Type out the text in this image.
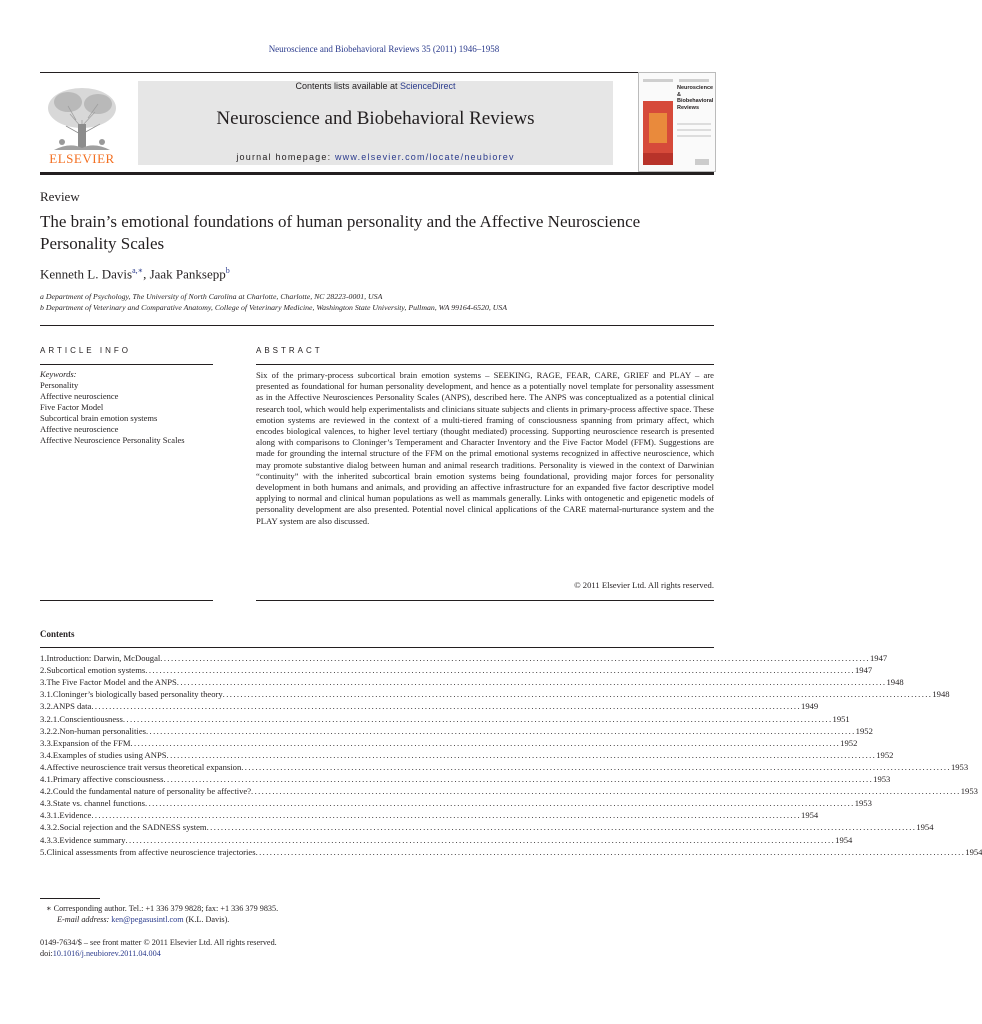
Neuroscience and Biobehavioral Reviews 35 (2011) 1946–1958
ELSEVIER
Contents lists available at ScienceDirect
Neuroscience and Biobehavioral Reviews
journal homepage: www.elsevier.com/locate/neubiorev
Neuroscience & Biobehavioral Reviews
Review
The brain’s emotional foundations of human personality and the Affective Neuroscience Personality Scales
Kenneth L. Davis$^{a,∗}$, Jaak Panksepp$^b$
a Department of Psychology, The University of North Carolina at Charlotte, Charlotte, NC 28223-0001, USA
b Department of Veterinary and Comparative Anatomy, College of Veterinary Medicine, Washington State University, Pullman, WA 99164-6520, USA
ARTICLE INFO
Keywords:
Personality
Affective neuroscience
Five Factor Model
Subcortical brain emotion systems
Affective neuroscience
Affective Neuroscience Personality Scales
ABSTRACT
Six of the primary-process subcortical brain emotion systems – SEEKING, RAGE, FEAR, CARE, GRIEF and PLAY – are presented as foundational for human personality development, and hence as a potentially novel template for personality assessment as in the Affective Neurosciences Personality Scales (ANPS), described here. The ANPS was conceptualized as a potential clinical research tool, which would help experimentalists and clinicians situate subjects and clients in primary-process affective space. These emotion systems are reviewed in the context of a multi-tiered framing of consciousness spanning from primary affect, which encodes biological valences, to higher level tertiary (thought mediated) processing. Supporting neuroscience research is presented along with comparisons to Cloninger’s Temperament and Character Inventory and the Five Factor Model (FFM). Suggestions are made for grounding the internal structure of the FFM on the primal emotional systems recognized in affective neuroscience, which may promote substantive dialog between human and animal research traditions. Personality is viewed in the context of Darwinian “continuity” with the inherited subcortical brain emotion systems being foundational, providing major forces for personality development in both humans and animals, and providing an affective infrastructure for an expanded five factor descriptive model applying to normal and clinical human populations as well as mammals generally. Links with ontogenetic and epigenetic models of personality development are also presented. Potential novel clinical applications of the CARE maternal-nurturance system and the PLAY system are also discussed.
© 2011 Elsevier Ltd. All rights reserved.
Contents
1. Introduction: Darwin, McDougal ........................................................................................................................................................................................................ 1947
2. Subcortical emotion systems ........................................................................................................................................................................................................ 1947
3. The Five Factor Model and the ANPS ........................................................................................................................................................................................................ 1948
3.1. Cloninger’s biologically based personality theory ........................................................................................................................................................................................................ 1948
3.2. ANPS data ........................................................................................................................................................................................................ 1949
3.2.1. Conscientiousness ........................................................................................................................................................................................................ 1951
3.2.2. Non-human personalities ........................................................................................................................................................................................................ 1952
3.3. Expansion of the FFM ........................................................................................................................................................................................................ 1952
3.4. Examples of studies using ANPS ........................................................................................................................................................................................................ 1952
4. Affective neuroscience trait versus theoretical expansion ........................................................................................................................................................................................................ 1953
4.1. Primary affective consciousness ........................................................................................................................................................................................................ 1953
4.2. Could the fundamental nature of personality be affective? ........................................................................................................................................................................................................ 1953
4.3. State vs. channel functions ........................................................................................................................................................................................................ 1953
4.3.1. Evidence ........................................................................................................................................................................................................ 1954
4.3.2. Social rejection and the SADNESS system ........................................................................................................................................................................................................ 1954
4.3.3. Evidence summary ........................................................................................................................................................................................................ 1954
5. Clinical assessments from affective neuroscience trajectories ........................................................................................................................................................................................................ 1954
∗ Corresponding author. Tel.: +1 336 379 9828; fax: +1 336 379 9835.
E-mail address: ken@pegasusintl.com (K.L. Davis).
0149-7634/$ – see front matter © 2011 Elsevier Ltd. All rights reserved.
doi:10.1016/j.neubiorev.2011.04.004
